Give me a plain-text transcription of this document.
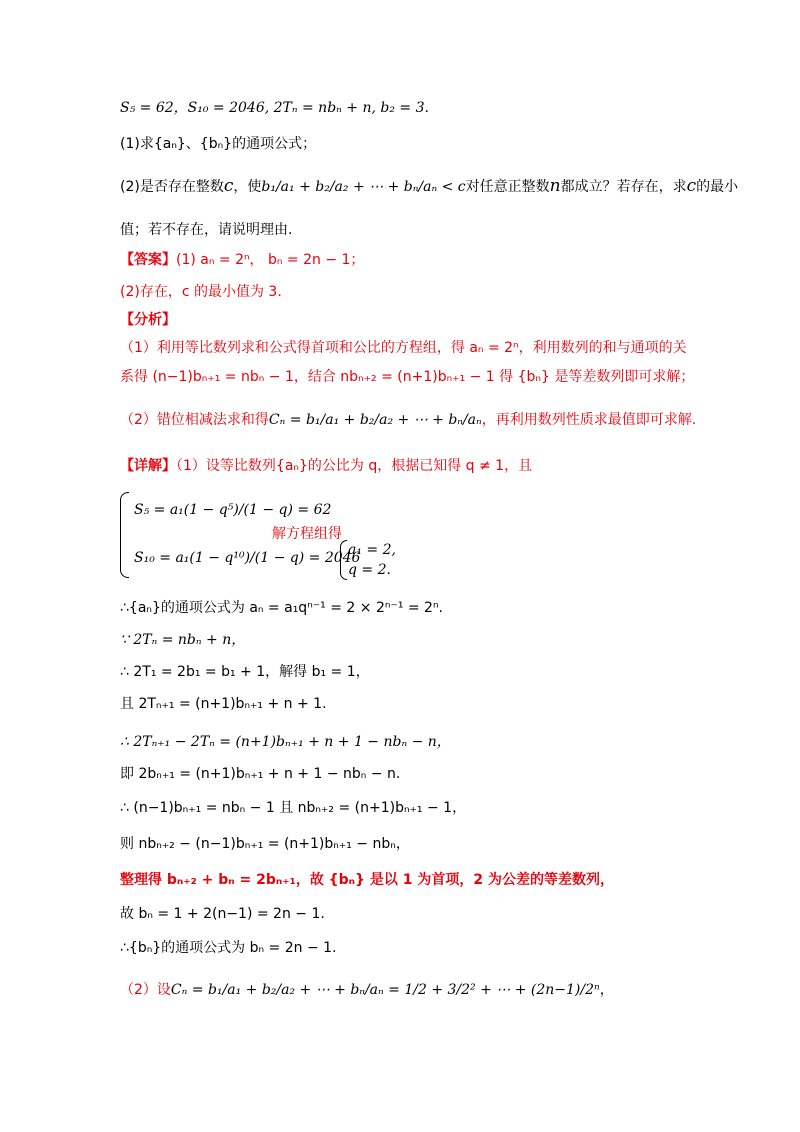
S₅ = 62，S₁₀ = 2046, 2Tₙ = nbₙ + n, b₂ = 3.
(1)求{aₙ}、{bₙ}的通项公式；
(2)是否存在整数c，使b₁/a₁ + b₂/a₂ + ⋯ + bₙ/aₙ < c对任意正整数n都成立？若存在，求c的最小
值；若不存在，请说明理由.
【答案】(1) aₙ = 2ⁿ， bₙ = 2n − 1；
(2)存在，c 的最小值为 3.
【分析】
（1）利用等比数列求和公式得首项和公比的方程组，得 aₙ = 2ⁿ，利用数列的和与通项的关
系得 (n−1)bₙ₊₁ = nbₙ − 1，结合 nbₙ₊₂ = (n+1)bₙ₊₁ − 1 得 {bₙ} 是等差数列即可求解；
（2）错位相减法求和得Cₙ = b₁/a₁ + b₂/a₂ + ⋯ + bₙ/aₙ，再利用数列性质求最值即可求解.
【详解】（1）设等比数列{aₙ}的公比为 q，根据已知得 q ≠ 1，且
S₅ = a₁(1 − q⁵)/(1 − q) = 62
S₁₀ = a₁(1 − q¹⁰)/(1 − q) = 2046
解方程组得
a₁ = 2,
q = 2.
∴{aₙ}的通项公式为 aₙ = a₁qⁿ⁻¹ = 2 × 2ⁿ⁻¹ = 2ⁿ.
∵ 2Tₙ = nbₙ + n，
∴ 2T₁ = 2b₁ = b₁ + 1，解得 b₁ = 1，
且 2Tₙ₊₁ = (n+1)bₙ₊₁ + n + 1.
∴ 2Tₙ₊₁ − 2Tₙ = (n+1)bₙ₊₁ + n + 1 − nbₙ − n，
即 2bₙ₊₁ = (n+1)bₙ₊₁ + n + 1 − nbₙ − n.
∴ (n−1)bₙ₊₁ = nbₙ − 1 且 nbₙ₊₂ = (n+1)bₙ₊₁ − 1，
则 nbₙ₊₂ − (n−1)bₙ₊₁ = (n+1)bₙ₊₁ − nbₙ，
整理得 bₙ₊₂ + bₙ = 2bₙ₊₁，故 {bₙ} 是以 1 为首项，2 为公差的等差数列，
故 bₙ = 1 + 2(n−1) = 2n − 1.
∴{bₙ}的通项公式为 bₙ = 2n − 1.
（2）设Cₙ = b₁/a₁ + b₂/a₂ + ⋯ + bₙ/aₙ = 1/2 + 3/2² + ⋯ + (2n−1)/2ⁿ，
